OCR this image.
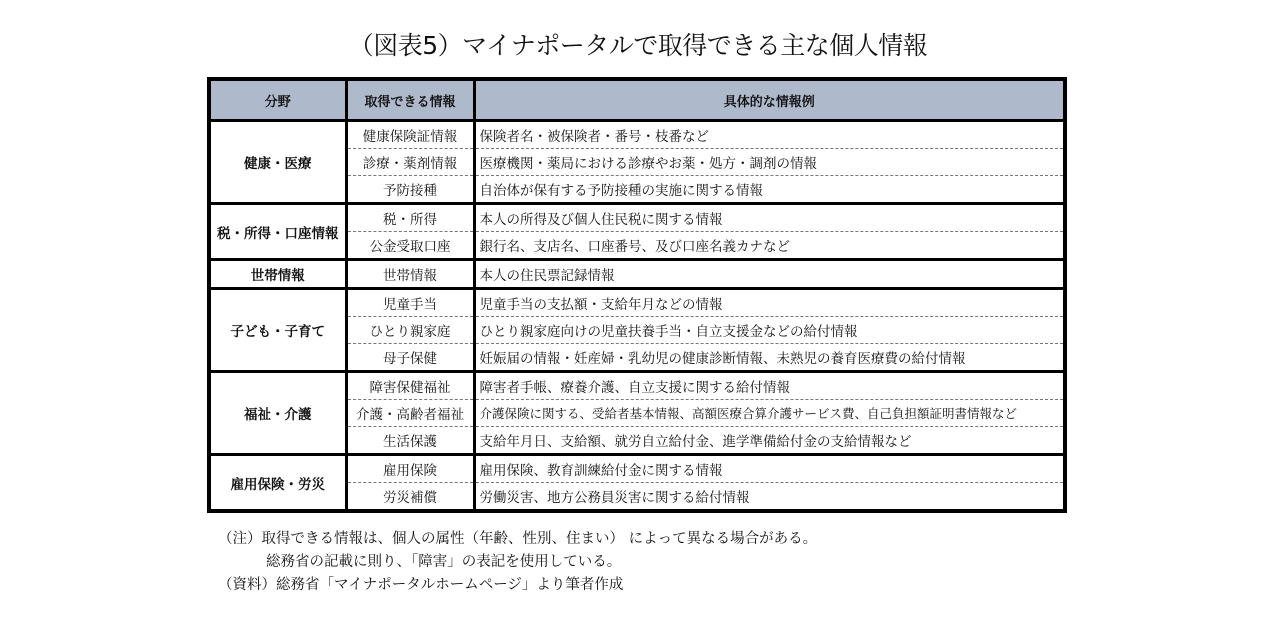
（図表5）マイナポータルで取得できる主な個人情報
分野	取得できる情報	具体的な情報例
健康・医療	健康保険証情報	保険者名・被保険者・番号・枝番など
	診療・薬剤情報	医療機関・薬局における診療やお薬・処方・調剤の情報
	予防接種	自治体が保有する予防接種の実施に関する情報
税・所得・口座情報	税・所得	本人の所得及び個人住民税に関する情報
	公金受取口座	銀行名、支店名、口座番号、及び口座名義カナなど
世帯情報	世帯情報	本人の住民票記録情報
子ども・子育て	児童手当	児童手当の支払額・支給年月などの情報
	ひとり親家庭	ひとり親家庭向けの児童扶養手当・自立支援金などの給付情報
	母子保健	妊娠届の情報・妊産婦・乳幼児の健康診断情報、未熟児の養育医療費の給付情報
福祉・介護	障害保健福祉	障害者手帳、療養介護、自立支援に関する給付情報
	介護・高齢者福祉	介護保険に関する、受給者基本情報、高額医療合算介護サービス費、自己負担額証明書情報など
	生活保護	支給年月日、支給額、就労自立給付金、進学準備給付金の支給情報など
雇用保険・労災	雇用保険	雇用保険、教育訓練給付金に関する情報
	労災補償	労働災害、地方公務員災害に関する給付情報
（注）取得できる情報は、個人の属性（年齢、性別、住まい） によって異なる場合がある。
総務省の記載に則り、「障害」の表記を使用している。
（資料）総務省「マイナポータルホームページ」より筆者作成
